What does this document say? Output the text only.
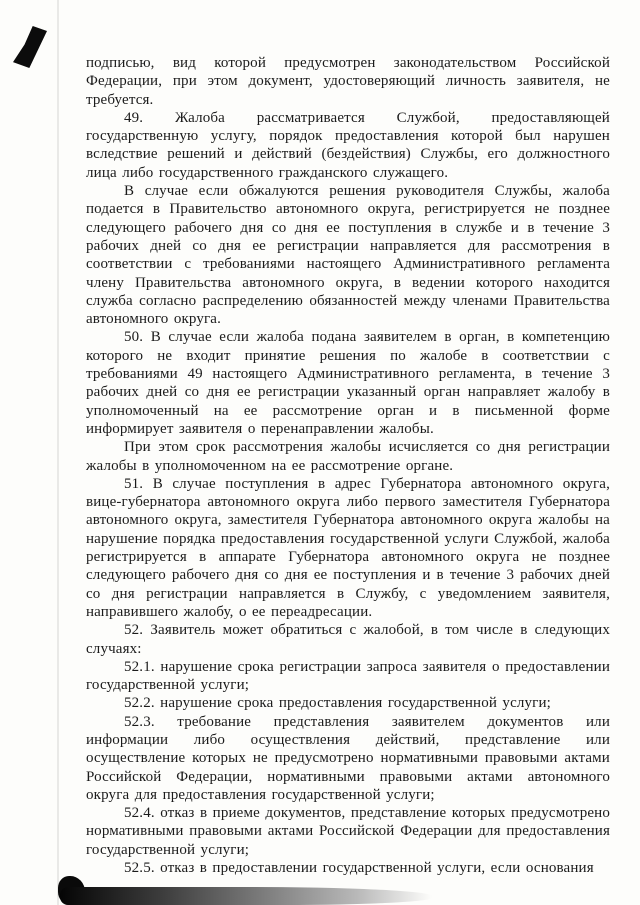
подписью, вид которой предусмотрен законодательством Российской Федерации, при этом документ, удостоверяющий личность заявителя, не требуется.

49. Жалоба рассматривается Службой, предоставляющей государственную услугу, порядок предоставления которой был нарушен вследствие решений и действий (бездействия) Службы, его должностного лица либо государственного гражданского служащего.

В случае если обжалуются решения руководителя Службы, жалоба подается в Правительство автономного округа, регистрируется не позднее следующего рабочего дня со дня ее поступления в службе и в течение 3 рабочих дней со дня ее регистрации направляется для рассмотрения в соответствии с требованиями настоящего Административного регламента члену Правительства автономного округа, в ведении которого находится служба согласно распределению обязанностей между членами Правительства автономного округа.

50. В случае если жалоба подана заявителем в орган, в компетенцию которого не входит принятие решения по жалобе в соответствии с требованиями 49 настоящего Административного регламента, в течение 3 рабочих дней со дня ее регистрации указанный орган направляет жалобу в уполномоченный на ее рассмотрение орган и в письменной форме информирует заявителя о перенаправлении жалобы.

При этом срок рассмотрения жалобы исчисляется со дня регистрации жалобы в уполномоченном на ее рассмотрение органе.

51. В случае поступления в адрес Губернатора автономного округа, вице-губернатора автономного округа либо первого заместителя Губернатора автономного округа, заместителя Губернатора автономного округа жалобы на нарушение порядка предоставления государственной услуги Службой, жалоба регистрируется в аппарате Губернатора автономного округа не позднее следующего рабочего дня со дня ее поступления и в течение 3 рабочих дней со дня регистрации направляется в Службу, с уведомлением заявителя, направившего жалобу, о ее переадресации.

52. Заявитель может обратиться с жалобой, в том числе в следующих случаях:

52.1. нарушение срока регистрации запроса заявителя о предоставлении государственной услуги;

52.2. нарушение срока предоставления государственной услуги;

52.3. требование представления заявителем документов или информации либо осуществления действий, представление или осуществление которых не предусмотрено нормативными правовыми актами Российской Федерации, нормативными правовыми актами автономного округа для предоставления государственной услуги;

52.4. отказ в приеме документов, представление которых предусмотрено нормативными правовыми актами Российской Федерации для предоставления государственной услуги;

52.5. отказ в предоставлении государственной услуги, если основания
